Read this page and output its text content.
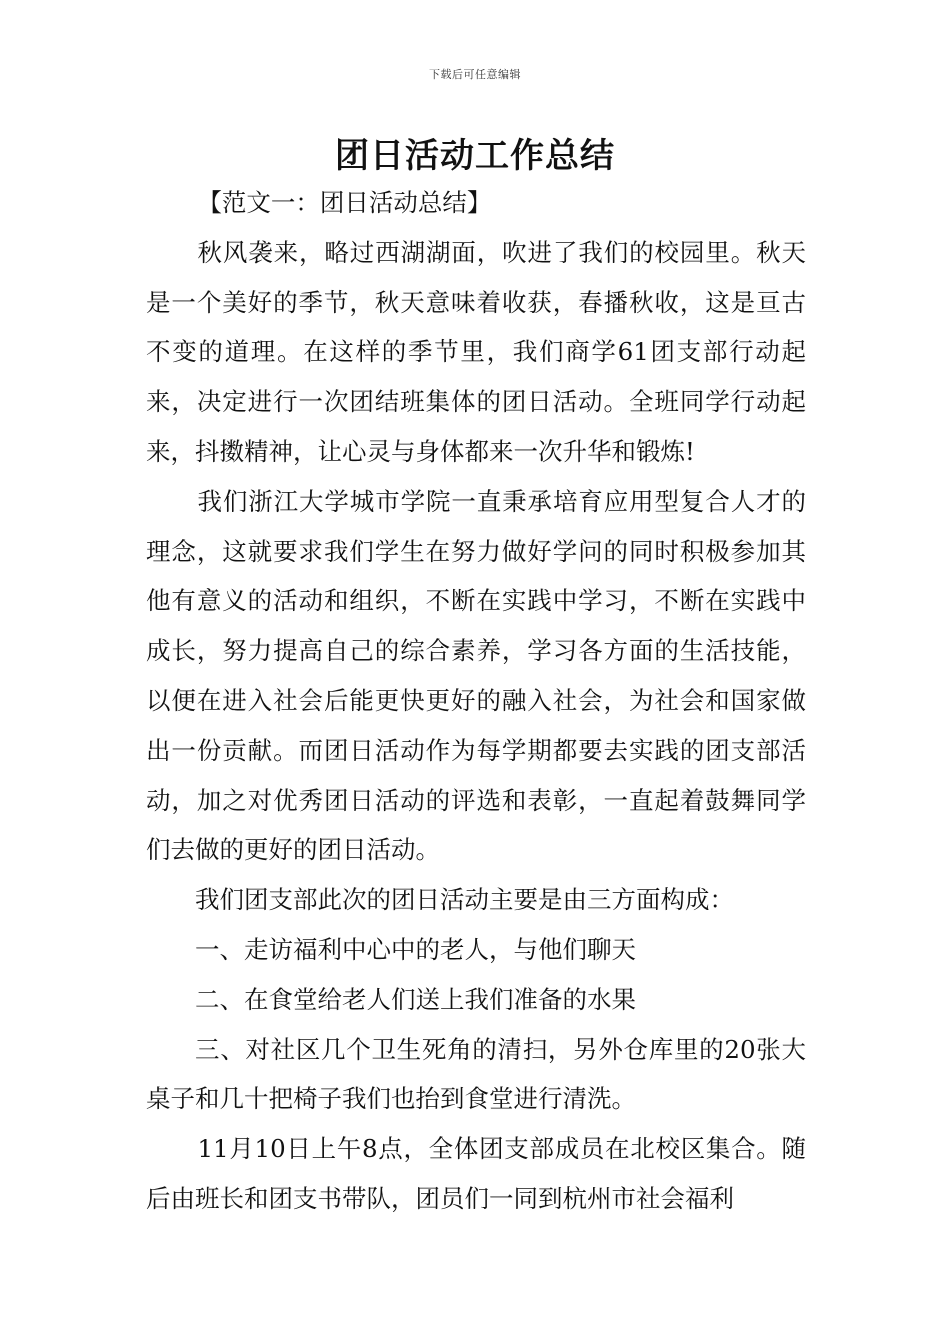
下载后可任意编辑
团日活动工作总结

【范文一：团日活动总结】

秋风袭来，略过西湖湖面，吹进了我们的校园里。秋天是一个美好的季节，秋天意味着收获，春播秋收，这是亘古不变的道理。在这样的季节里，我们商学61团支部行动起来，决定进行一次团结班集体的团日活动。全班同学行动起来，抖擞精神，让心灵与身体都来一次升华和锻炼!

我们浙江大学城市学院一直秉承培育应用型复合人才的理念，这就要求我们学生在努力做好学问的同时积极参加其他有意义的活动和组织，不断在实践中学习，不断在实践中成长，努力提高自己的综合素养，学习各方面的生活技能，以便在进入社会后能更快更好的融入社会，为社会和国家做出一份贡献。而团日活动作为每学期都要去实践的团支部活动，加之对优秀团日活动的评选和表彰，一直起着鼓舞同学们去做的更好的团日活动。

我们团支部此次的团日活动主要是由三方面构成：

一、走访福利中心中的老人，与他们聊天

二、在食堂给老人们送上我们准备的水果

三、对社区几个卫生死角的清扫，另外仓库里的20张大桌子和几十把椅子我们也抬到食堂进行清洗。

11月10日上午8点，全体团支部成员在北校区集合。随后由班长和团支书带队，团员们一同到杭州市社会福利
